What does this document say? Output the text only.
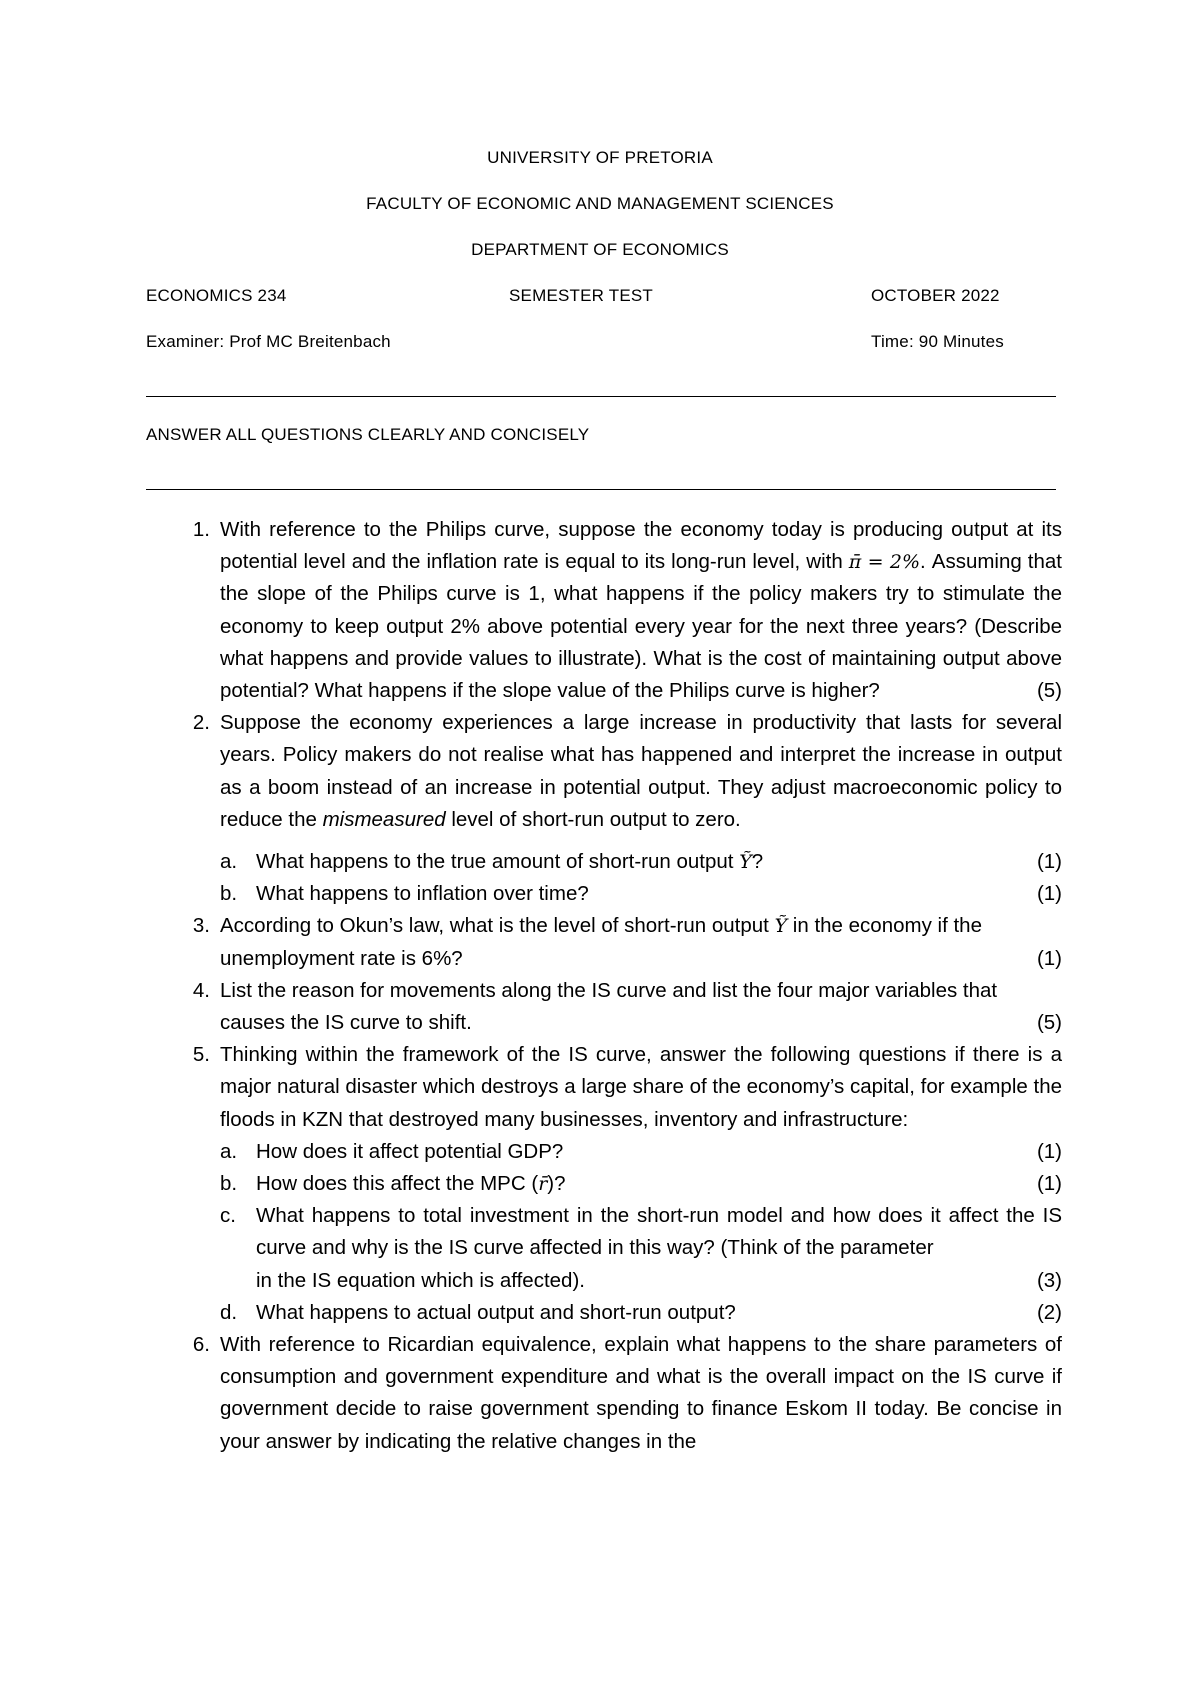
UNIVERSITY OF PRETORIA
FACULTY OF ECONOMIC AND MANAGEMENT SCIENCES
DEPARTMENT OF ECONOMICS
ECONOMICS 234	SEMESTER TEST	OCTOBER 2022
Examiner: Prof MC Breitenbach	Time: 90 Minutes
ANSWER ALL QUESTIONS CLEARLY AND CONCISELY
1. With reference to the Philips curve, suppose the economy today is producing output at its potential level and the inflation rate is equal to its long-run level, with π̄ = 2%. Assuming that the slope of the Philips curve is 1, what happens if the policy makers try to stimulate the economy to keep output 2% above potential every year for the next three years? (Describe what happens and provide values to illustrate). What is the cost of maintaining output above potential? What happens if the slope value of the Philips curve is higher?	(5)
2. Suppose the economy experiences a large increase in productivity that lasts for several years. Policy makers do not realise what has happened and interpret the increase in output as a boom instead of an increase in potential output. They adjust macroeconomic policy to reduce the mismeasured level of short-run output to zero.
a. What happens to the true amount of short-run output Ỹ?	(1)
b. What happens to inflation over time?	(1)
3. According to Okun’s law, what is the level of short-run output Ỹ in the economy if the
unemployment rate is 6%?	(1)
4. List the reason for movements along the IS curve and list the four major variables that
causes the IS curve to shift.	(5)
5. Thinking within the framework of the IS curve, answer the following questions if there is a major natural disaster which destroys a large share of the economy’s capital, for example the floods in KZN that destroyed many businesses, inventory and infrastructure:
a. How does it affect potential GDP?	(1)
b. How does this affect the MPC (r̄)?	(1)
c. What happens to total investment in the short-run model and how does it affect the IS curve and why is the IS curve affected in this way? (Think of the parameter
in the IS equation which is affected).	(3)
d. What happens to actual output and short-run output?	(2)
6. With reference to Ricardian equivalence, explain what happens to the share parameters of consumption and government expenditure and what is the overall impact on the IS curve if government decide to raise government spending to finance Eskom II today. Be concise in your answer by indicating the relative changes in the
